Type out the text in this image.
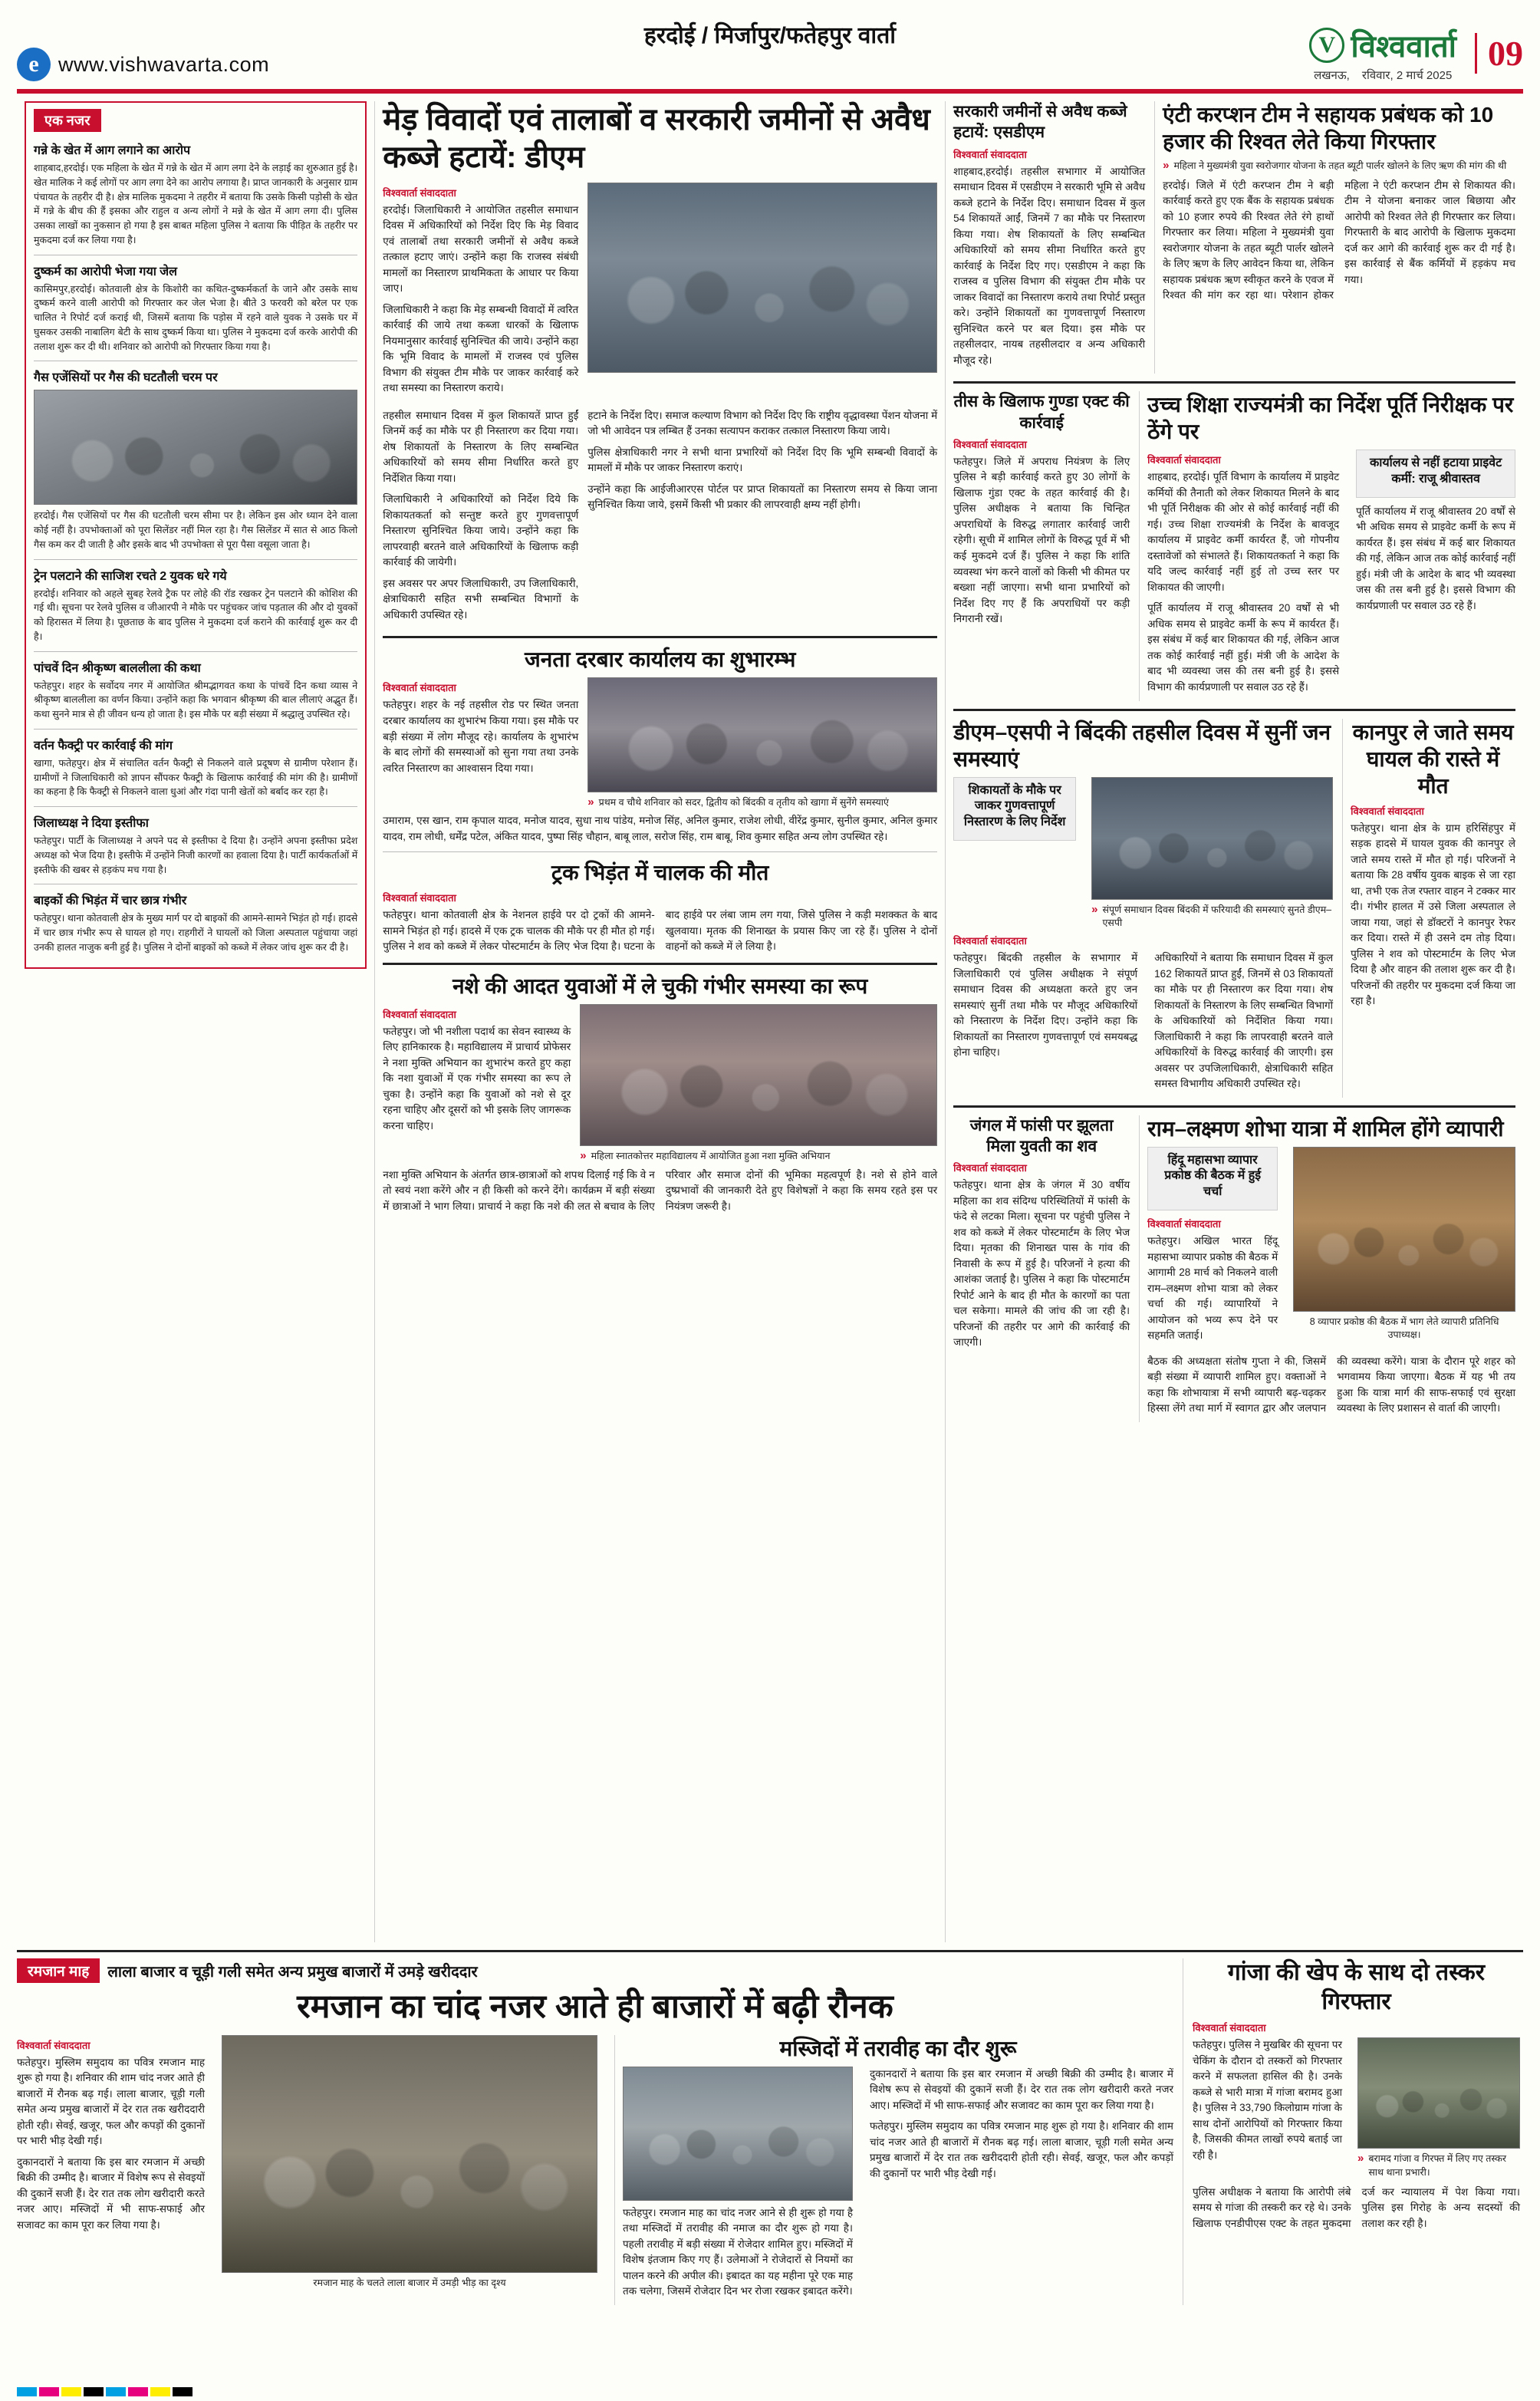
e www.vishwavarta.com
हरदोई / मिर्जापुर/फतेहपुर वार्ता	V विश्ववार्ता
लखनऊ, रविवार, 2 मार्च 2025
09
एक नजर
गन्ने के खेत में आग लगाने का आरोप
शाहबाद,हरदोई। एक महिला के खेत में गन्ने के खेत में आग लगा देने के लड़ाई का शुरुआत हुई है। खेत मालिक ने कई लोगों पर आग लगा देने का आरोप लगाया है। प्राप्त जानकारी के अनुसार ग्राम पंचायत के तहरीर दी है। क्षेत्र मालिक मुकदमा ने तहरीर में बताया कि उसके किसी पड़ोसी के खेत में गन्ने के बीच की हैं इसका और राहुल व अन्य लोगों ने मन्ने के खेत में आग लगा दी। पुलिस उसका लाखों का नुकसान हो गया है इस बाबत महिला पुलिस ने बताया कि पीड़ित के तहरीर पर मुकदमा दर्ज कर लिया गया है।
दुष्कर्म का आरोपी भेजा गया जेल
कासिमपुर,हरदोई। कोतवाली क्षेत्र के किशोरी का कथित-दुष्कर्मकर्ता के जाने और उसके साथ दुष्कर्म करने वाली आरोपी को गिरफ्तार कर जेल भेजा है। बीते 3 फरवरी को बरेल पर एक चालित ने रिपोर्ट दर्ज कराई थी, जिसमें बताया कि पड़ोस में रहने वाले युवक ने उसके घर में घुसकर उसकी नाबालिग बेटी के साथ दुष्कर्म किया था। पुलिस ने मुकदमा दर्ज करके आरोपी की तलाश शुरू कर दी थी। शनिवार को आरोपी को गिरफ्तार किया गया है।
गैस एजेंसियों पर गैस की घटतौली चरम पर
हरदोई। गैस एजेंसियों पर गैस की घटतौली चरम सीमा पर है। लेकिन इस ओर ध्यान देने वाला कोई नहीं है। उपभोक्ताओं को पूरा सिलेंडर नहीं मिल रहा है। गैस सिलेंडर में सात से आठ किलो गैस कम कर दी जाती है और इसके बाद भी उपभोक्ता से पूरा पैसा वसूला जाता है।
ट्रेन पलटाने की साजिश रचते 2 युवक धरे गये
हरदोई। शनिवार को अहले सुबह रेलवे ट्रैक पर लोहे की रॉड रखकर ट्रेन पलटाने की कोशिश की गई थी। सूचना पर रेलवे पुलिस व जीआरपी ने मौके पर पहुंचकर जांच पड़ताल की और दो युवकों को हिरासत में लिया है। पूछताछ के बाद पुलिस ने मुकदमा दर्ज कराने की कार्रवाई शुरू कर दी है।
पांचवें दिन श्रीकृष्ण बाललीला की कथा
फतेहपुर। शहर के सर्वोदय नगर में आयोजित श्रीमद्भागवत कथा के पांचवें दिन कथा व्यास ने श्रीकृष्ण बाललीला का वर्णन किया। उन्होंने कहा कि भगवान श्रीकृष्ण की बाल लीलाएं अद्भुत हैं। कथा सुनने मात्र से ही जीवन धन्य हो जाता है। इस मौके पर बड़ी संख्या में श्रद्धालु उपस्थित रहे।
वर्तन फैक्ट्री पर कार्रवाई की मांग
खागा, फतेहपुर। क्षेत्र में संचालित वर्तन फैक्ट्री से निकलने वाले प्रदूषण से ग्रामीण परेशान हैं। ग्रामीणों ने जिलाधिकारी को ज्ञापन सौंपकर फैक्ट्री के खिलाफ कार्रवाई की मांग की है। ग्रामीणों का कहना है कि फैक्ट्री से निकलने वाला धुआं और गंदा पानी खेतों को बर्बाद कर रहा है।
जिलाध्यक्ष ने दिया इस्तीफा
फतेहपुर। पार्टी के जिलाध्यक्ष ने अपने पद से इस्तीफा दे दिया है। उन्होंने अपना इस्तीफा प्रदेश अध्यक्ष को भेज दिया है। इस्तीफे में उन्होंने निजी कारणों का हवाला दिया है। पार्टी कार्यकर्ताओं में इस्तीफे की खबर से हड़कंप मच गया है।
बाइकों की भिड़ंत में चार छात्र गंभीर
फतेहपुर। थाना कोतवाली क्षेत्र के मुख्य मार्ग पर दो बाइकों की आमने-सामने भिड़ंत हो गई। हादसे में चार छात्र गंभीर रूप से घायल हो गए। राहगीरों ने घायलों को जिला अस्पताल पहुंचाया जहां उनकी हालत नाजुक बनी हुई है। पुलिस ने दोनों बाइकों को कब्जे में लेकर जांच शुरू कर दी है।
मेड़ विवादों एवं तालाबों व सरकारी जमीनों से अवैध कब्जे हटायें: डीएम
विश्ववार्ता संवाददाता

हरदोई। जिलाधिकारी ने आयोजित तहसील समाधान दिवस में अधिकारियों को निर्देश दिए कि मेड़ विवाद एवं तालाबों तथा सरकारी जमीनों से अवैध कब्जे तत्काल हटाए जाएं। उन्होंने कहा कि राजस्व संबंधी मामलों का निस्तारण प्राथमिकता के आधार पर किया जाए।

जिलाधिकारी ने कहा कि मेड़ सम्बन्धी विवादों में त्वरित कार्रवाई की जाये तथा कब्जा धारकों के खिलाफ नियमानुसार कार्रवाई सुनिश्चित की जाये। उन्होंने कहा कि भूमि विवाद के मामलों में राजस्व एवं पुलिस विभाग की संयुक्त टीम मौके पर जाकर कार्रवाई करे तथा समस्या का निस्तारण कराये।

तहसील समाधान दिवस में कुल शिकायतें प्राप्त हुईं जिनमें कई का मौके पर ही निस्तारण कर दिया गया। शेष शिकायतों के निस्तारण के लिए सम्बन्धित अधिकारियों को समय सीमा निर्धारित करते हुए निर्देशित किया गया।

जिलाधिकारी ने अधिकारियों को निर्देश दिये कि शिकायतकर्ता को सन्तुष्ट करते हुए गुणवत्तापूर्ण निस्तारण सुनिश्चित किया जाये। उन्होंने कहा कि लापरवाही बरतने वाले अधिकारियों के खिलाफ कड़ी कार्रवाई की जायेगी।

इस अवसर पर अपर जिलाधिकारी, उप जिलाधिकारी, क्षेत्राधिकारी सहित सभी सम्बन्धित विभागों के अधिकारी उपस्थित रहे।

हटाने के निर्देश दिए। समाज कल्याण विभाग को निर्देश दिए कि राष्ट्रीय वृद्धावस्था पेंशन योजना में जो भी आवेदन पत्र लम्बित हैं उनका सत्यापन कराकर तत्काल निस्तारण किया जाये।

पुलिस क्षेत्राधिकारी नगर ने सभी थाना प्रभारियों को निर्देश दिए कि भूमि सम्बन्धी विवादों के मामलों में मौके पर जाकर निस्तारण कराएं।

उन्होंने कहा कि आईजीआरएस पोर्टल पर प्राप्त शिकायतों का निस्तारण समय से किया जाना सुनिश्चित किया जाये, इसमें किसी भी प्रकार की लापरवाही क्षम्य नहीं होगी।

जनता दरबार कार्यालय का शुभारम्भ
विश्ववार्ता संवाददाता

फतेहपुर। शहर के नई तहसील रोड पर स्थित जनता दरबार कार्यालय का शुभारंभ किया गया। इस मौके पर बड़ी संख्या में लोग मौजूद रहे। कार्यालय के शुभारंभ के बाद लोगों की समस्याओं को सुना गया तथा उनके त्वरित निस्तारण का आश्वासन दिया गया।

» प्रथम व चौथे शनिवार को सदर, द्वितीय को बिंदकी व तृतीय को खागा में सुनेंगे समस्याएं

उमाराम, एस खान, राम कृपाल यादव, मनोज यादव, सुधा नाथ पांडेय, मनोज सिंह, अनिल कुमार, राजेश लोधी, वीरेंद्र कुमार, सुनील कुमार, अनिल कुमार यादव, राम लोधी, धर्मेंद्र पटेल, अंकित यादव, पुष्पा सिंह चौहान, बाबू लाल, सरोज सिंह, राम बाबू, शिव कुमार सहित अन्य लोग उपस्थित रहे।

ट्रक भिड़ंत में चालक की मौत
विश्ववार्ता संवाददाता

फतेहपुर। थाना कोतवाली क्षेत्र के नेशनल हाईवे पर दो ट्रकों की आमने-सामने भिड़ंत हो गई। हादसे में एक ट्रक चालक की मौके पर ही मौत हो गई। पुलिस ने शव को कब्जे में लेकर पोस्टमार्टम के लिए भेज दिया है। घटना के बाद हाईवे पर लंबा जाम लग गया, जिसे पुलिस ने कड़ी मशक्कत के बाद खुलवाया। मृतक की शिनाख्त के प्रयास किए जा रहे हैं। पुलिस ने दोनों वाहनों को कब्जे में ले लिया है।

नशे की आदत युवाओं में ले चुकी गंभीर समस्या का रूप
विश्ववार्ता संवाददाता

फतेहपुर। जो भी नशीला पदार्थ का सेवन स्वास्थ्य के लिए हानिकारक है। महाविद्यालय में प्राचार्य प्रोफेसर ने नशा मुक्ति अभियान का शुभारंभ करते हुए कहा कि नशा युवाओं में एक गंभीर समस्या का रूप ले चुका है। उन्होंने कहा कि युवाओं को नशे से दूर रहना चाहिए और दूसरों को भी इसके लिए जागरूक करना चाहिए।

» महिला स्नातकोत्तर महाविद्यालय में आयोजित हुआ नशा मुक्ति अभियान

नशा मुक्ति अभियान के अंतर्गत छात्र-छात्राओं को शपथ दिलाई गई कि वे न तो स्वयं नशा करेंगे और न ही किसी को करने देंगे। कार्यक्रम में बड़ी संख्या में छात्राओं ने भाग लिया। प्राचार्य ने कहा कि नशे की लत से बचाव के लिए परिवार और समाज दोनों की भूमिका महत्वपूर्ण है। नशे से होने वाले दुष्प्रभावों की जानकारी देते हुए विशेषज्ञों ने कहा कि समय रहते इस पर नियंत्रण जरूरी है।

सरकारी जमीनों से अवैध कब्जे हटायें: एसडीएम
विश्ववार्ता संवाददाता

शाहबाद,हरदोई। तहसील सभागार में आयोजित समाधान दिवस में एसडीएम ने सरकारी भूमि से अवैध कब्जे हटाने के निर्देश दिए। समाधान दिवस में कुल 54 शिकायतें आईं, जिनमें 7 का मौके पर निस्तारण किया गया। शेष शिकायतों के लिए सम्बन्धित अधिकारियों को समय सीमा निर्धारित करते हुए कार्रवाई के निर्देश दिए गए। एसडीएम ने कहा कि राजस्व व पुलिस विभाग की संयुक्त टीम मौके पर जाकर विवादों का निस्तारण कराये तथा रिपोर्ट प्रस्तुत करे। उन्होंने शिकायतों का गुणवत्तापूर्ण निस्तारण सुनिश्चित करने पर बल दिया। इस मौके पर तहसीलदार, नायब तहसीलदार व अन्य अधिकारी मौजूद रहे।

एंटी करप्शन टीम ने सहायक प्रबंधक को 10 हजार की रिश्वत लेते किया गिरफ्तार
» महिला ने मुख्यमंत्री युवा स्वरोजगार योजना के तहत ब्यूटी पार्लर खोलने के लिए ऋण की मांग की थी

हरदोई। जिले में एंटी करप्शन टीम ने बड़ी कार्रवाई करते हुए एक बैंक के सहायक प्रबंधक को 10 हजार रुपये की रिश्वत लेते रंगे हाथों गिरफ्तार कर लिया। महिला ने मुख्यमंत्री युवा स्वरोजगार योजना के तहत ब्यूटी पार्लर खोलने के लिए ऋण के लिए आवेदन किया था, लेकिन सहायक प्रबंधक ऋण स्वीकृत करने के एवज में रिश्वत की मांग कर रहा था। परेशान होकर महिला ने एंटी करप्शन टीम से शिकायत की। टीम ने योजना बनाकर जाल बिछाया और आरोपी को रिश्वत लेते ही गिरफ्तार कर लिया। गिरफ्तारी के बाद आरोपी के खिलाफ मुकदमा दर्ज कर आगे की कार्रवाई शुरू कर दी गई है। इस कार्रवाई से बैंक कर्मियों में हड़कंप मच गया।

तीस के खिलाफ गुण्डा एक्ट की कार्रवाई
विश्ववार्ता संवाददाता

फतेहपुर। जिले में अपराध नियंत्रण के लिए पुलिस ने बड़ी कार्रवाई करते हुए 30 लोगों के खिलाफ गुंडा एक्ट के तहत कार्रवाई की है। पुलिस अधीक्षक ने बताया कि चिन्हित अपराधियों के विरुद्ध लगातार कार्रवाई जारी रहेगी। सूची में शामिल लोगों के विरुद्ध पूर्व में भी कई मुकदमे दर्ज हैं। पुलिस ने कहा कि शांति व्यवस्था भंग करने वालों को किसी भी कीमत पर बख्शा नहीं जाएगा। सभी थाना प्रभारियों को निर्देश दिए गए हैं कि अपराधियों पर कड़ी निगरानी रखें।

उच्च शिक्षा राज्यमंत्री का निर्देश पूर्ति निरीक्षक पर ठेंगे पर
विश्ववार्ता संवाददाता

शाहबाद, हरदोई। पूर्ति विभाग के कार्यालय में प्राइवेट कर्मियों की तैनाती को लेकर शिकायत मिलने के बाद भी पूर्ति निरीक्षक की ओर से कोई कार्रवाई नहीं की गई। उच्च शिक्षा राज्यमंत्री के निर्देश के बावजूद कार्यालय में प्राइवेट कर्मी कार्यरत हैं, जो गोपनीय दस्तावेजों को संभालते हैं। शिकायतकर्ता ने कहा कि यदि जल्द कार्रवाई नहीं हुई तो उच्च स्तर पर शिकायत की जाएगी।

पूर्ति कार्यालय में राजू श्रीवास्तव 20 वर्षों से भी अधिक समय से प्राइवेट कर्मी के रूप में कार्यरत हैं। इस संबंध में कई बार शिकायत की गई, लेकिन आज तक कोई कार्रवाई नहीं हुई। मंत्री जी के आदेश के बाद भी व्यवस्था जस की तस बनी हुई है। इससे विभाग की कार्यप्रणाली पर सवाल उठ रहे हैं।

कार्यालय से नहीं हटाया प्राइवेट कर्मी: राजू श्रीवास्तव

पूर्ति कार्यालय में राजू श्रीवास्तव 20 वर्षों से भी अधिक समय से प्राइवेट कर्मी के रूप में कार्यरत हैं। इस संबंध में कई बार शिकायत की गई, लेकिन आज तक कोई कार्रवाई नहीं हुई। मंत्री जी के आदेश के बाद भी व्यवस्था जस की तस बनी हुई है। इससे विभाग की कार्यप्रणाली पर सवाल उठ रहे हैं।

डीएम–एसपी ने बिंदकी तहसील दिवस में सुनीं जन समस्याएं
शिकायतों के मौके पर जाकर गुणवत्तापूर्ण निस्तारण के लिए निर्देश
» संपूर्ण समाधान दिवस बिंदकी में फरियादी की समस्याएं सुनते डीएम–एसपी
विश्ववार्ता संवाददाता

फतेहपुर। बिंदकी तहसील के सभागार में जिलाधिकारी एवं पुलिस अधीक्षक ने संपूर्ण समाधान दिवस की अध्यक्षता करते हुए जन समस्याएं सुनीं तथा मौके पर मौजूद अधिकारियों को निस्तारण के निर्देश दिए। उन्होंने कहा कि शिकायतों का निस्तारण गुणवत्तापूर्ण एवं समयबद्ध होना चाहिए।

अधिकारियों ने बताया कि समाधान दिवस में कुल 162 शिकायतें प्राप्त हुईं, जिनमें से 03 शिकायतों का मौके पर ही निस्तारण कर दिया गया। शेष शिकायतों के निस्तारण के लिए सम्बन्धित विभागों के अधिकारियों को निर्देशित किया गया। जिलाधिकारी ने कहा कि लापरवाही बरतने वाले अधिकारियों के विरुद्ध कार्रवाई की जाएगी। इस अवसर पर उपजिलाधिकारी, क्षेत्राधिकारी सहित समस्त विभागीय अधिकारी उपस्थित रहे।

कानपुर ले जाते समय घायल की रास्ते में मौत
विश्ववार्ता संवाददाता

फतेहपुर। थाना क्षेत्र के ग्राम हरिसिंहपुर में सड़क हादसे में घायल युवक की कानपुर ले जाते समय रास्ते में मौत हो गई। परिजनों ने बताया कि 28 वर्षीय युवक बाइक से जा रहा था, तभी एक तेज रफ्तार वाहन ने टक्कर मार दी। गंभीर हालत में उसे जिला अस्पताल ले जाया गया, जहां से डॉक्टरों ने कानपुर रेफर कर दिया। रास्ते में ही उसने दम तोड़ दिया। पुलिस ने शव को पोस्टमार्टम के लिए भेज दिया है और वाहन की तलाश शुरू कर दी है। परिजनों की तहरीर पर मुकदमा दर्ज किया जा रहा है।

जंगल में फांसी पर झूलता मिला युवती का शव
विश्ववार्ता संवाददाता

फतेहपुर। थाना क्षेत्र के जंगल में 30 वर्षीय महिला का शव संदिग्ध परिस्थितियों में फांसी के फंदे से लटका मिला। सूचना पर पहुंची पुलिस ने शव को कब्जे में लेकर पोस्टमार्टम के लिए भेज दिया। मृतका की शिनाख्त पास के गांव की निवासी के रूप में हुई है। परिजनों ने हत्या की आशंका जताई है। पुलिस ने कहा कि पोस्टमार्टम रिपोर्ट आने के बाद ही मौत के कारणों का पता चल सकेगा। मामले की जांच की जा रही है। परिजनों की तहरीर पर आगे की कार्रवाई की जाएगी।

राम–लक्ष्मण शोभा यात्रा में शामिल होंगे व्यापारी
हिंदू महासभा व्यापार प्रकोष्ठ की बैठक में हुई चर्चा
विश्ववार्ता संवाददाता

फतेहपुर। अखिल भारत हिंदू महासभा व्यापार प्रकोष्ठ की बैठक में आगामी 28 मार्च को निकलने वाली राम–लक्ष्मण शोभा यात्रा को लेकर चर्चा की गई। व्यापारियों ने आयोजन को भव्य रूप देने पर सहमति जताई।

8 व्यापार प्रकोष्ठ की बैठक में भाग लेते व्यापारी प्रतिनिधि उपाध्यक्ष।

बैठक की अध्यक्षता संतोष गुप्ता ने की, जिसमें बड़ी संख्या में व्यापारी शामिल हुए। वक्ताओं ने कहा कि शोभायात्रा में सभी व्यापारी बढ़-चढ़कर हिस्सा लेंगे तथा मार्ग में स्वागत द्वार और जलपान की व्यवस्था करेंगे। यात्रा के दौरान पूरे शहर को भगवामय किया जाएगा। बैठक में यह भी तय हुआ कि यात्रा मार्ग की साफ-सफाई एवं सुरक्षा व्यवस्था के लिए प्रशासन से वार्ता की जाएगी।

रमजान माह	लाला बाजार व चूड़ी गली समेत अन्य प्रमुख बाजारों में उमड़े खरीददार
रमजान का चांद नजर आते ही बाजारों में बढ़ी रौनक
विश्ववार्ता संवाददाता

फतेहपुर। मुस्लिम समुदाय का पवित्र रमजान माह शुरू हो गया है। शनिवार की शाम चांद नजर आते ही बाजारों में रौनक बढ़ गई। लाला बाजार, चूड़ी गली समेत अन्य प्रमुख बाजारों में देर रात तक खरीददारी होती रही। सेवई, खजूर, फल और कपड़ों की दुकानों पर भारी भीड़ देखी गई।

दुकानदारों ने बताया कि इस बार रमजान में अच्छी बिक्री की उम्मीद है। बाजार में विशेष रूप से सेवइयों की दुकानें सजी हैं। देर रात तक लोग खरीदारी करते नजर आए। मस्जिदों में भी साफ-सफाई और सजावट का काम पूरा कर लिया गया है।

रमजान माह के चलते लाला बाजार में उमड़ी भीड़ का दृश्य
मस्जिदों में तरावीह का दौर शुरू

फतेहपुर। रमजान माह का चांद नजर आने से ही शुरू हो गया है तथा मस्जिदों में तरावीह की नमाज का दौर शुरू हो गया है। पहली तरावीह में बड़ी संख्या में रोजेदार शामिल हुए। मस्जिदों में विशेष इंतजाम किए गए हैं। उलेमाओं ने रोजेदारों से नियमों का पालन करने की अपील की। इबादत का यह महीना पूरे एक माह तक चलेगा, जिसमें रोजेदार दिन भर रोजा रखकर इबादत करेंगे।

दुकानदारों ने बताया कि इस बार रमजान में अच्छी बिक्री की उम्मीद है। बाजार में विशेष रूप से सेवइयों की दुकानें सजी हैं। देर रात तक लोग खरीदारी करते नजर आए। मस्जिदों में भी साफ-सफाई और सजावट का काम पूरा कर लिया गया है।

फतेहपुर। मुस्लिम समुदाय का पवित्र रमजान माह शुरू हो गया है। शनिवार की शाम चांद नजर आते ही बाजारों में रौनक बढ़ गई। लाला बाजार, चूड़ी गली समेत अन्य प्रमुख बाजारों में देर रात तक खरीददारी होती रही। सेवई, खजूर, फल और कपड़ों की दुकानों पर भारी भीड़ देखी गई।

गांजा की खेप के साथ दो तस्कर गिरफ्तार
विश्ववार्ता संवाददाता

फतेहपुर। पुलिस ने मुखबिर की सूचना पर चेकिंग के दौरान दो तस्करों को गिरफ्तार करने में सफलता हासिल की है। उनके कब्जे से भारी मात्रा में गांजा बरामद हुआ है। पुलिस ने 33,790 किलोग्राम गांजा के साथ दोनों आरोपियों को गिरफ्तार किया है, जिसकी कीमत लाखों रुपये बताई जा रही है।	» बरामद गांजा व गिरफ्त में लिए गए तस्कर साथ थाना प्रभारी।

पुलिस अधीक्षक ने बताया कि आरोपी लंबे समय से गांजा की तस्करी कर रहे थे। उनके खिलाफ एनडीपीएस एक्ट के तहत मुकदमा दर्ज कर न्यायालय में पेश किया गया। पुलिस इस गिरोह के अन्य सदस्यों की तलाश कर रही है।
